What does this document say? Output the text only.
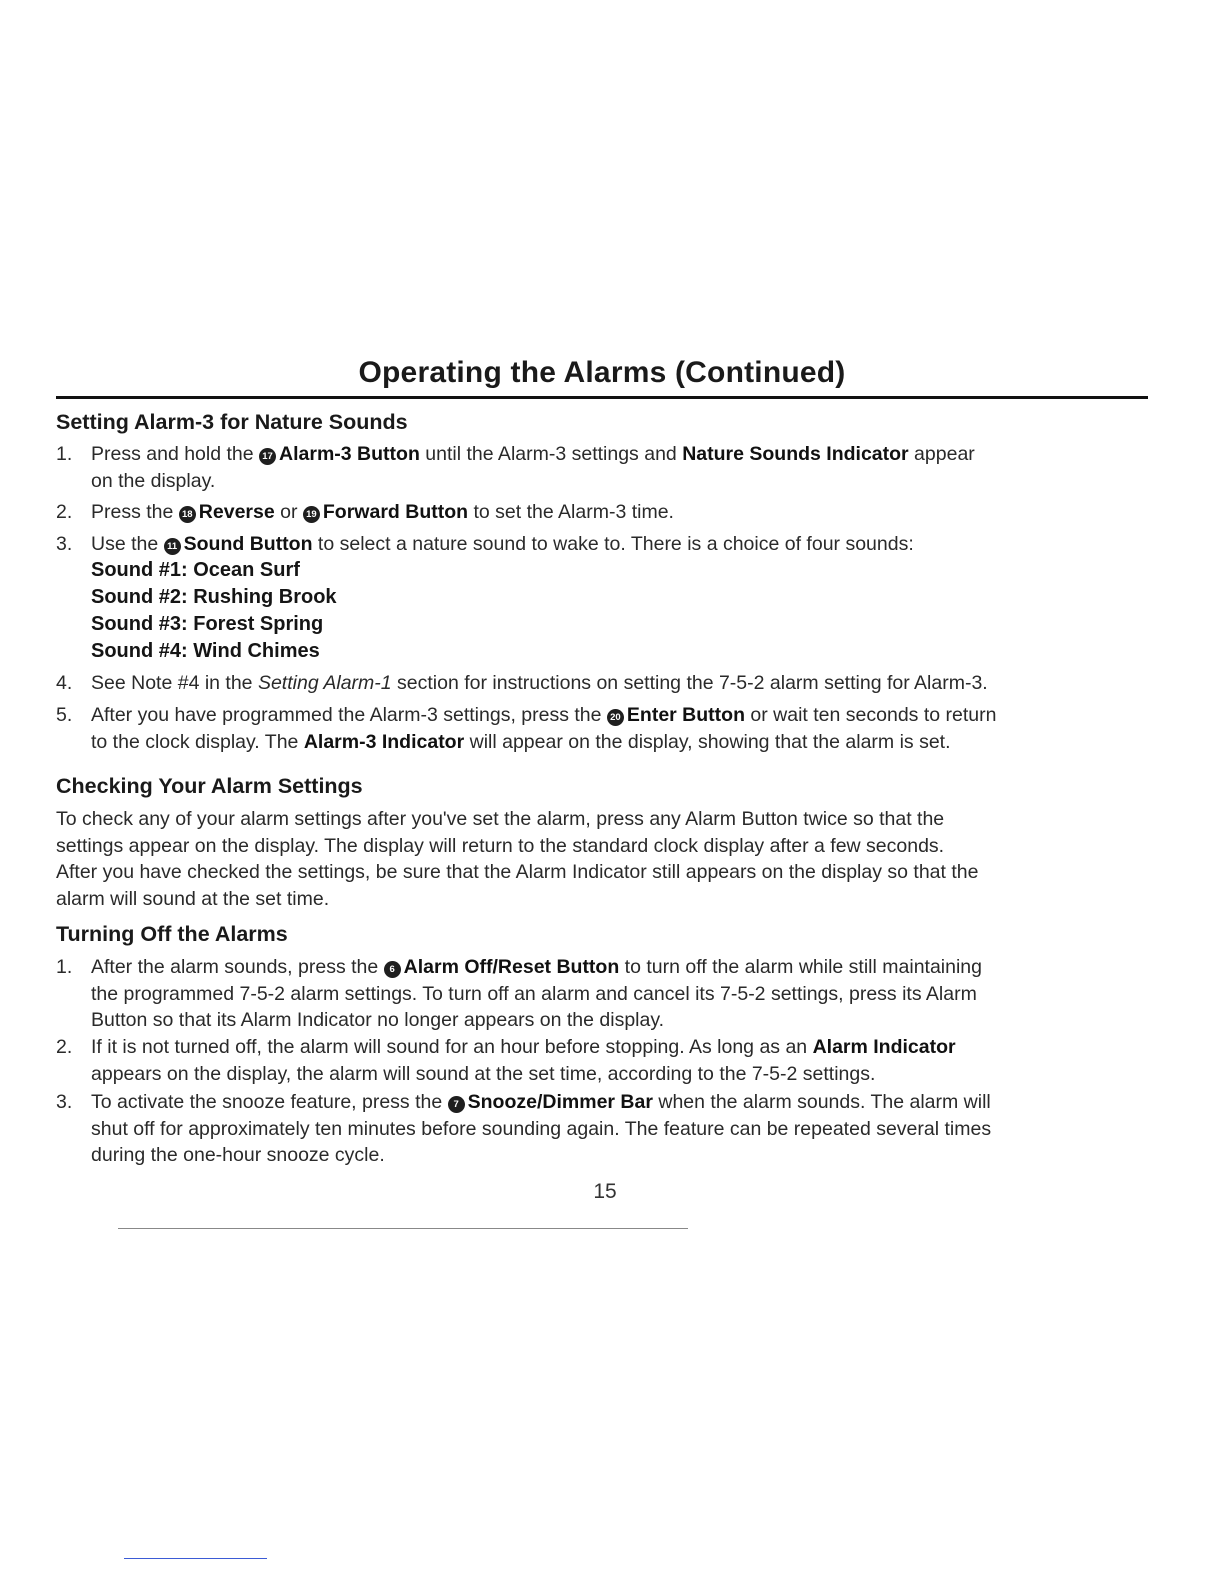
Operating the Alarms (Continued)
Setting Alarm-3 for Nature Sounds
1. Press and hold the 17 Alarm-3 Button until the Alarm-3 settings and Nature Sounds Indicator appear
on the display.
2. Press the 18 Reverse or 19 Forward Button to set the Alarm-3 time.
3. Use the 11 Sound Button to select a nature sound to wake to. There is a choice of four sounds:
Sound #1: Ocean Surf
Sound #2: Rushing Brook
Sound #3: Forest Spring
Sound #4: Wind Chimes
4. See Note #4 in the Setting Alarm-1 section for instructions on setting the 7-5-2 alarm setting for Alarm-3.
5. After you have programmed the Alarm-3 settings, press the 20 Enter Button or wait ten seconds to return
to the clock display. The Alarm-3 Indicator will appear on the display, showing that the alarm is set.
Checking Your Alarm Settings
To check any of your alarm settings after you've set the alarm, press any Alarm Button twice so that the
settings appear on the display. The display will return to the standard clock display after a few seconds.
After you have checked the settings, be sure that the Alarm Indicator still appears on the display so that the
alarm will sound at the set time.
Turning Off the Alarms
1. After the alarm sounds, press the 6 Alarm Off/Reset Button to turn off the alarm while still maintaining
the programmed 7-5-2 alarm settings. To turn off an alarm and cancel its 7-5-2 settings, press its Alarm
Button so that its Alarm Indicator no longer appears on the display.
2. If it is not turned off, the alarm will sound for an hour before stopping. As long as an Alarm Indicator
appears on the display, the alarm will sound at the set time, according to the 7-5-2 settings.
3. To activate the snooze feature, press the 7 Snooze/Dimmer Bar when the alarm sounds. The alarm will
shut off for approximately ten minutes before sounding again. The feature can be repeated several times
during the one-hour snooze cycle.
15
